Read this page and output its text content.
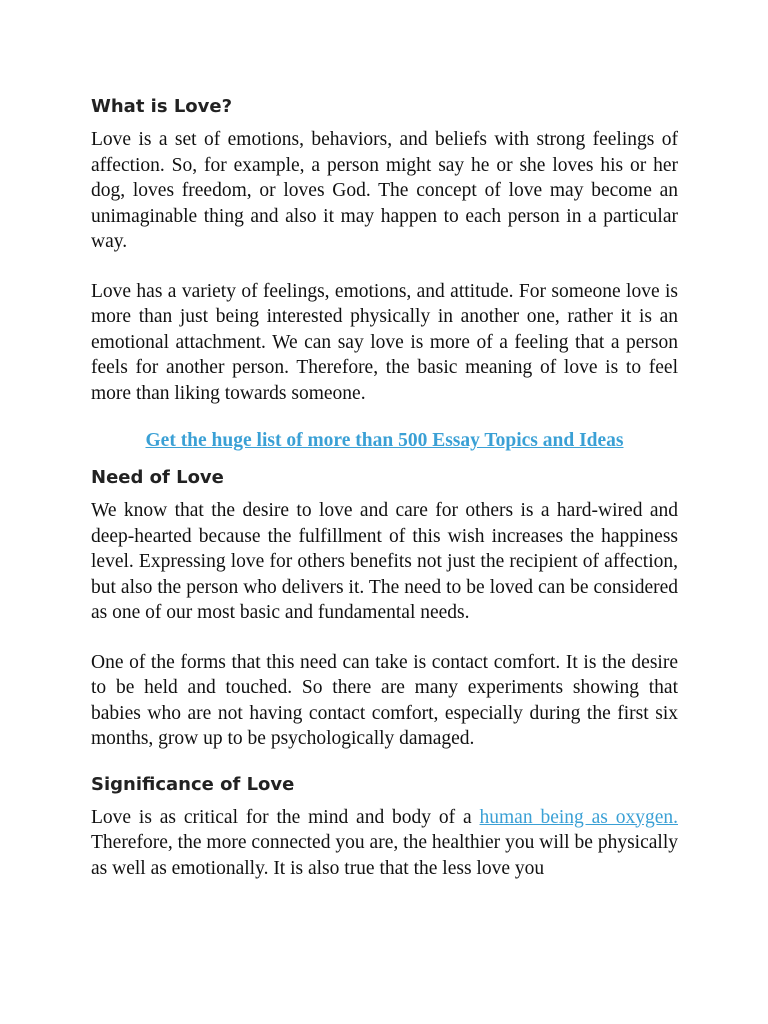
What is Love?

Love is a set of emotions, behaviors, and beliefs with strong feelings of affection. So, for example, a person might say he or she loves his or her dog, loves freedom, or loves God. The concept of love may become an unimaginable thing and also it may happen to each person in a particular way.

Love has a variety of feelings, emotions, and attitude. For someone love is more than just being interested physically in another one, rather it is an emotional attachment. We can say love is more of a feeling that a person feels for another person. Therefore, the basic meaning of love is to feel more than liking towards someone.

Get the huge list of more than 500 Essay Topics and Ideas
Need of Love

We know that the desire to love and care for others is a hard-wired and deep-hearted because the fulfillment of this wish increases the happiness level. Expressing love for others benefits not just the recipient of affection, but also the person who delivers it. The need to be loved can be considered as one of our most basic and fundamental needs.

One of the forms that this need can take is contact comfort. It is the desire to be held and touched. So there are many experiments showing that babies who are not having contact comfort, especially during the first six months, grow up to be psychologically damaged.

Significance of Love

Love is as critical for the mind and body of a human being as oxygen. Therefore, the more connected you are, the healthier you will be physically as well as emotionally. It is also true that the less love you
